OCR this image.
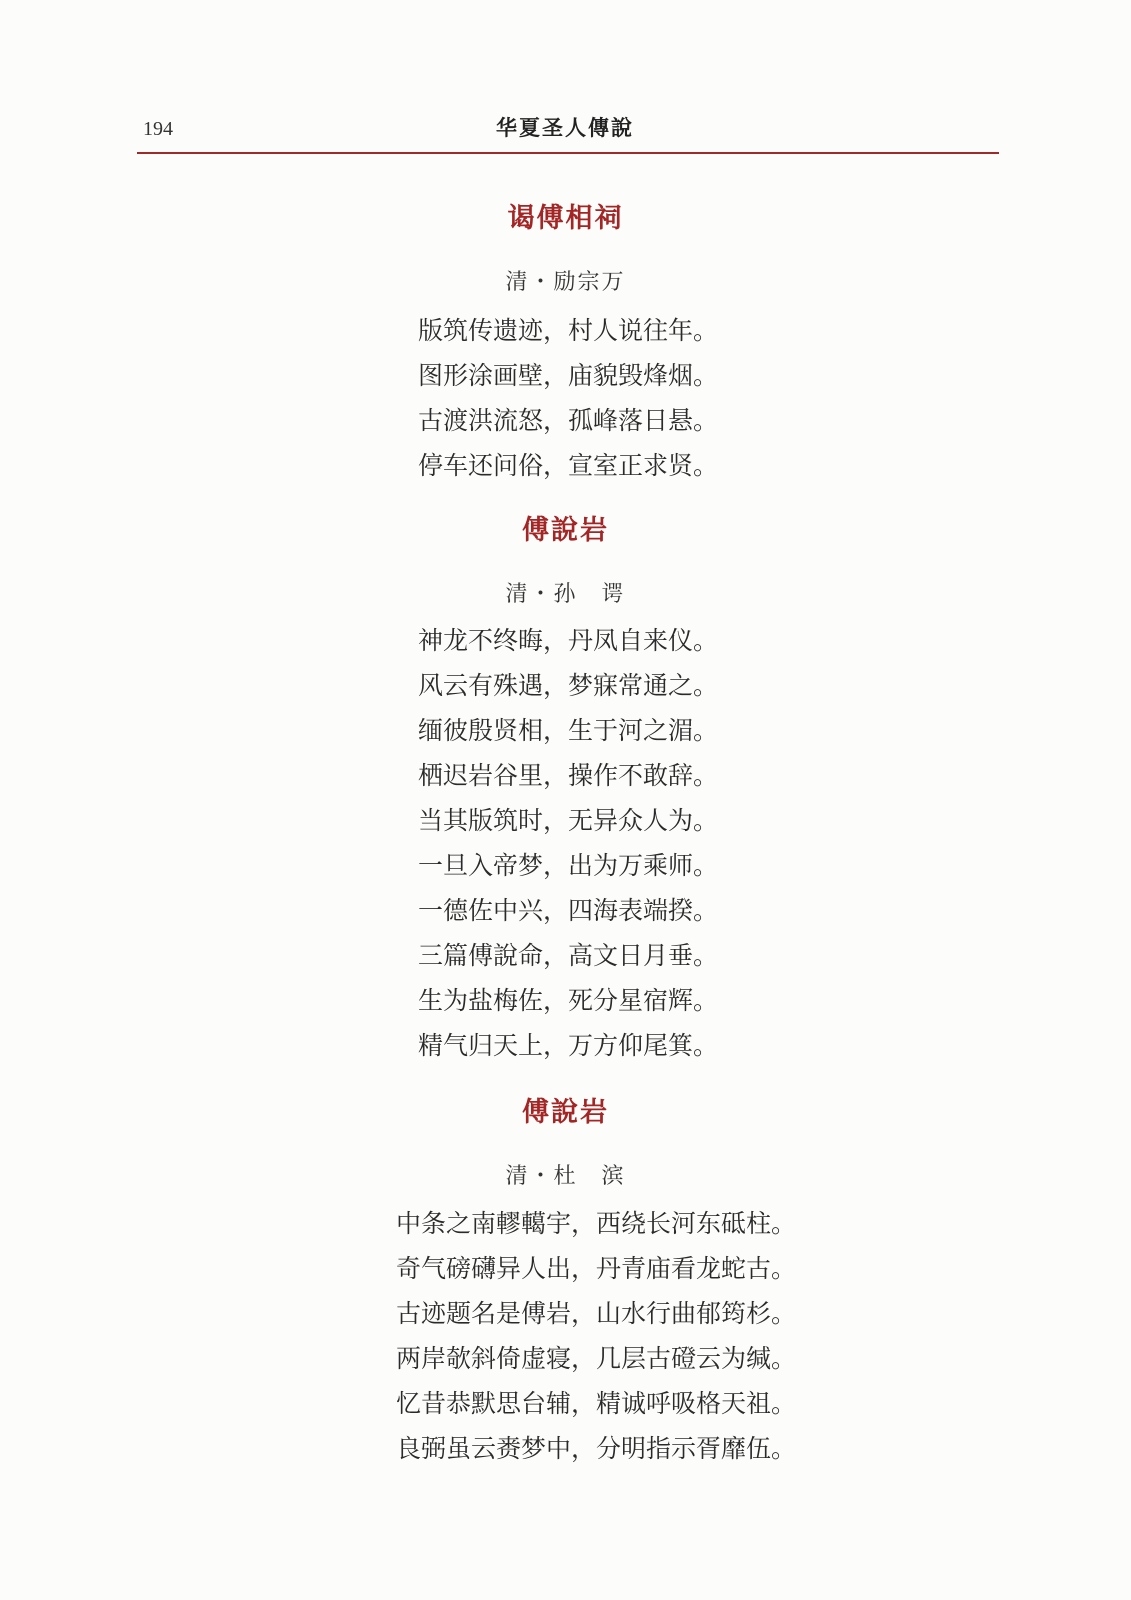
194	华夏圣人傳說
谒傅相祠
清・励宗万
版筑传遗迹，村人说往年。
图形涂画壁，庙貌毁烽烟。
古渡洪流怒，孤峰落日悬。
停车还问俗，宣室正求贤。
傅說岩
清・孙　谔
神龙不终晦，丹凤自来仪。
风云有殊遇，梦寐常通之。
缅彼殷贤相，生于河之湄。
栖迟岩谷里，操作不敢辞。
当其版筑时，无异众人为。
一旦入帝梦，出为万乘师。
一德佐中兴，四海表端揆。
三篇傅說命，高文日月垂。
生为盐梅佐，死分星宿辉。
精气归天上，万方仰尾箕。
傅說岩
清・杜　滨
中条之南轇轕宇，西绕长河东砥柱。
奇气磅礴异人出，丹青庙看龙蛇古。
古迹题名是傅岩，山水行曲郁筠杉。
两岸欹斜倚虚寝，几层古磴云为缄。
忆昔恭默思台辅，精诚呼吸格天祖。
良弼虽云赉梦中，分明指示胥靡伍。
